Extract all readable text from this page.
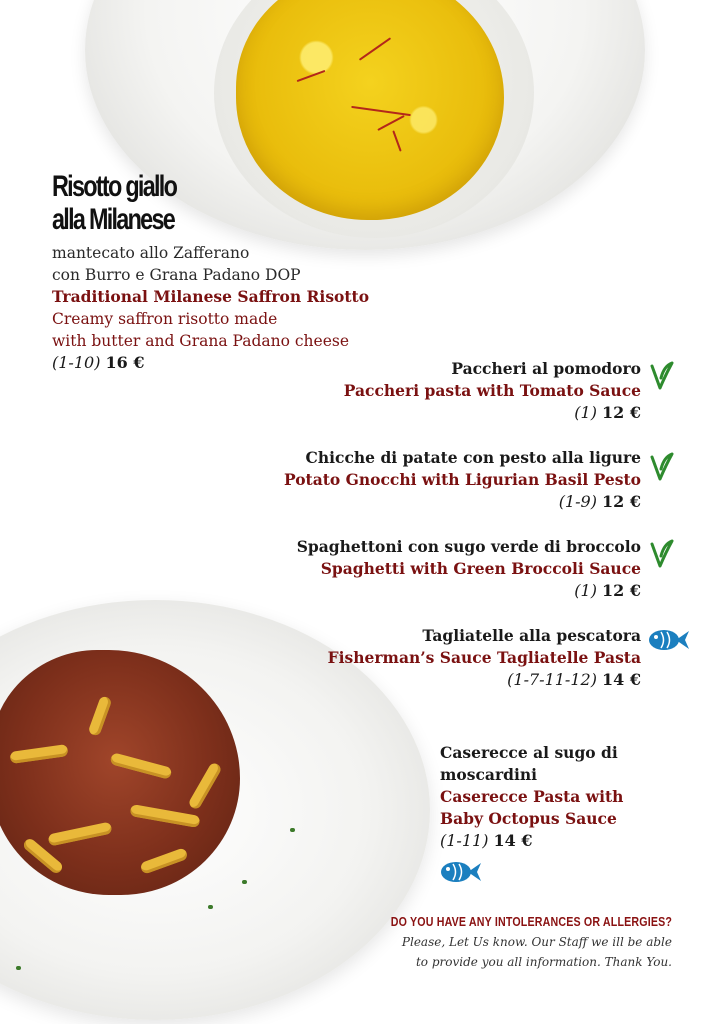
Risotto giallo
alla Milanese
mantecato allo Zafferano
con Burro e Grana Padano DOP
Traditional Milanese Saffron Risotto
Creamy saffron risotto made
with butter and Grana Padano cheese
(1-10) 16 €	Paccheri al pomodoro
Paccheri pasta with Tomato Sauce
(1) 12 €
Chicche di patate con pesto alla ligure
Potato Gnocchi with Ligurian Basil Pesto
(1-9) 12 €
Spaghettoni con sugo verde di broccolo
Spaghetti with Green Broccoli Sauce
(1) 12 €
Tagliatelle alla pescatora
Fisherman’s Sauce Tagliatelle Pasta
(1-7-11-12) 14 €
Caserecce al sugo di
moscardini
Caserecce Pasta with
Baby Octopus Sauce
(1-11) 14 €
DO YOU HAVE ANY INTOLERANCES OR ALLERGIES?
Please, Let Us know. Our Staff we ill be able
to provide you all information. Thank You.
